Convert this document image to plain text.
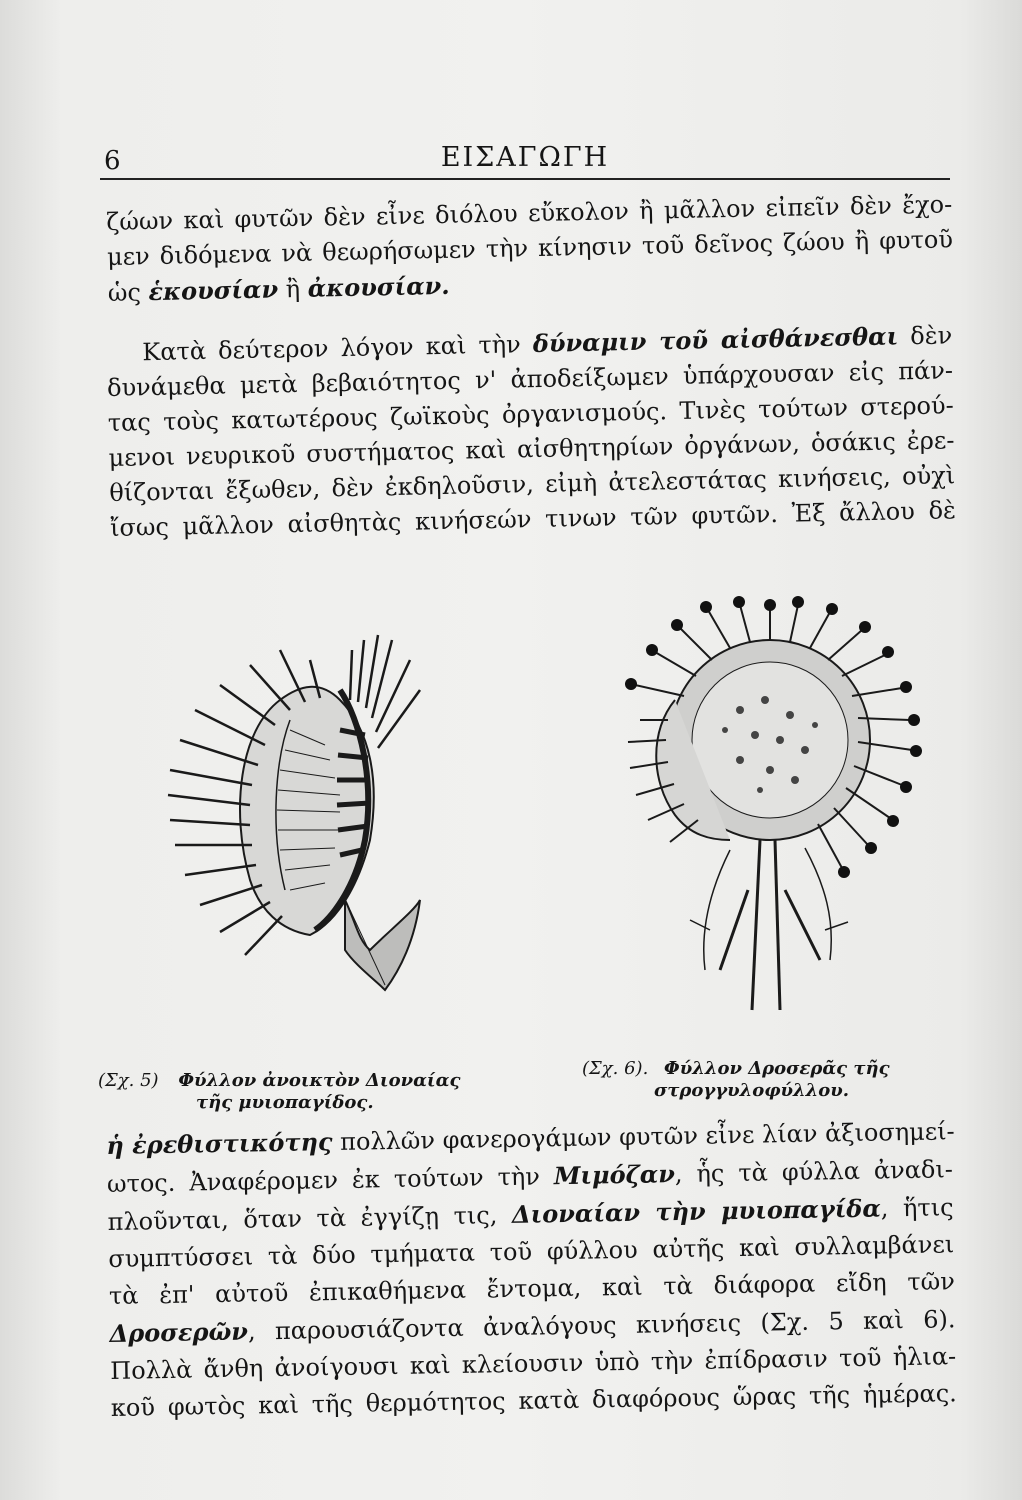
6	ΕΙΣΑΓΩΓΗ
ζώων καὶ φυτῶν δὲν εἶνε διόλου εὔκολον ἢ μᾶλλον εἰπεῖν δὲν ἔχο-
μεν διδόμενα νὰ θεωρήσωμεν τὴν κίνησιν τοῦ δεῖνος ζώου ἢ φυτοῦ
ὡς ἑκουσίαν ἢ ἀκουσίαν.
Κατὰ δεύτερον λόγον καὶ τὴν δύναμιν τοῦ αἰσθάνεσθαι δὲν
δυνάμεθα μετὰ βεβαιότητος ν' ἀποδείξωμεν ὑπάρχουσαν εἰς πάν-
τας τοὺς κατωτέρους ζωϊκοὺς ὀργανισμούς. Τινὲς τούτων στερού-
μενοι νευρικοῦ συστήματος καὶ αἰσθητηρίων ὀργάνων, ὁσάκις ἐρε-
θίζονται ἔξωθεν, δὲν ἐκδηλοῦσιν, εἰμὴ ἀτελεστάτας κινήσεις, οὐχὶ
ἴσως μᾶλλον αἰσθητὰς κινήσεών τινων τῶν φυτῶν. Ἐξ ἄλλου δὲ
(Σχ. 5) Φύλλον ἀνοικτὸν Διοναίας
τῆς μυιοπαγίδος.
(Σχ. 6). Φύλλον Δροσερᾶς τῆς
στρογγυλοφύλλου.
ἡ ἐρεθιστικότης πολλῶν φανερογάμων φυτῶν εἶνε λίαν ἀξιοσημεί-
ωτος. Ἀναφέρομεν ἐκ τούτων τὴν Μιμόζαν, ἧς τὰ φύλλα ἀναδι-
πλοῦνται, ὅταν τὰ ἐγγίζῃ τις, Διοναίαν τὴν μυιοπαγίδα, ἥτις
συμπτύσσει τὰ δύο τμήματα τοῦ φύλλου αὐτῆς καὶ συλλαμβάνει
τὰ ἐπ' αὐτοῦ ἐπικαθήμενα ἔντομα, καὶ τὰ διάφορα εἴδη τῶν
Δροσερῶν, παρουσιάζοντα ἀναλόγους κινήσεις (Σχ. 5 καὶ 6).
Πολλὰ ἄνθη ἀνοίγουσι καὶ κλείουσιν ὑπὸ τὴν ἐπίδρασιν τοῦ ἡλια-
κοῦ φωτὸς καὶ τῆς θερμότητος κατὰ διαφόρους ὥρας τῆς ἡμέρας.
